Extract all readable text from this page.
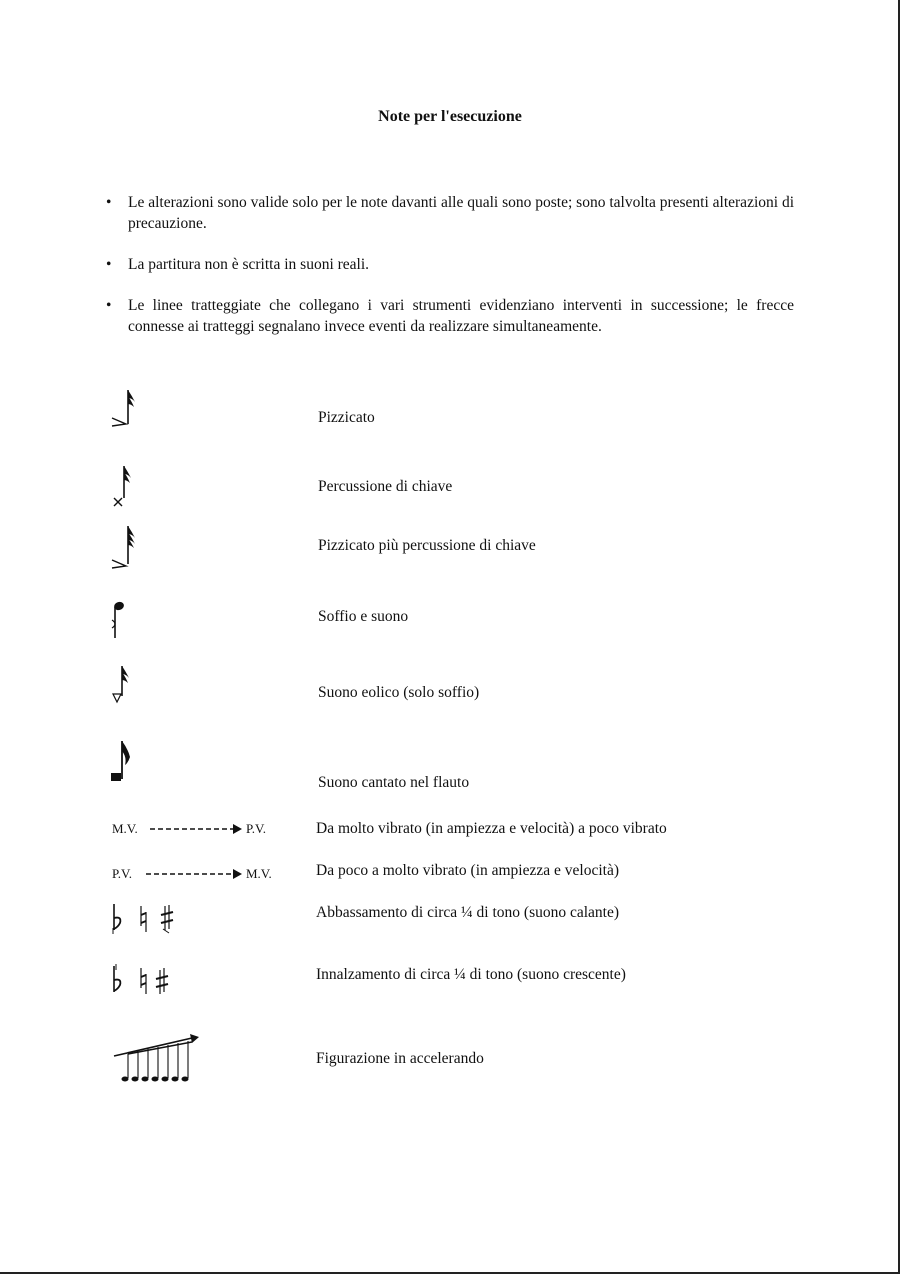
Note per l'esecuzione
• Le alterazioni sono valide solo per le note davanti alle quali sono poste; sono talvolta presenti alterazioni di precauzione.
• La partitura non è scritta in suoni reali.
• Le linee tratteggiate che collegano i vari strumenti evidenziano interventi in successione; le frecce connesse ai tratteggi segnalano invece eventi da realizzare simultaneamente.
Pizzicato
Percussione di chiave
Pizzicato più percussione di chiave
Soffio e suono
Suono eolico (solo soffio)
Suono cantato nel flauto
M.V.	P.V.	Da molto vibrato (in ampiezza e velocità) a poco vibrato
P.V.	M.V.	Da poco a molto vibrato (in ampiezza e velocità)
Abbassamento di circa ¼ di tono (suono calante)
Innalzamento di circa ¼ di tono (suono crescente)
Figurazione in accelerando
